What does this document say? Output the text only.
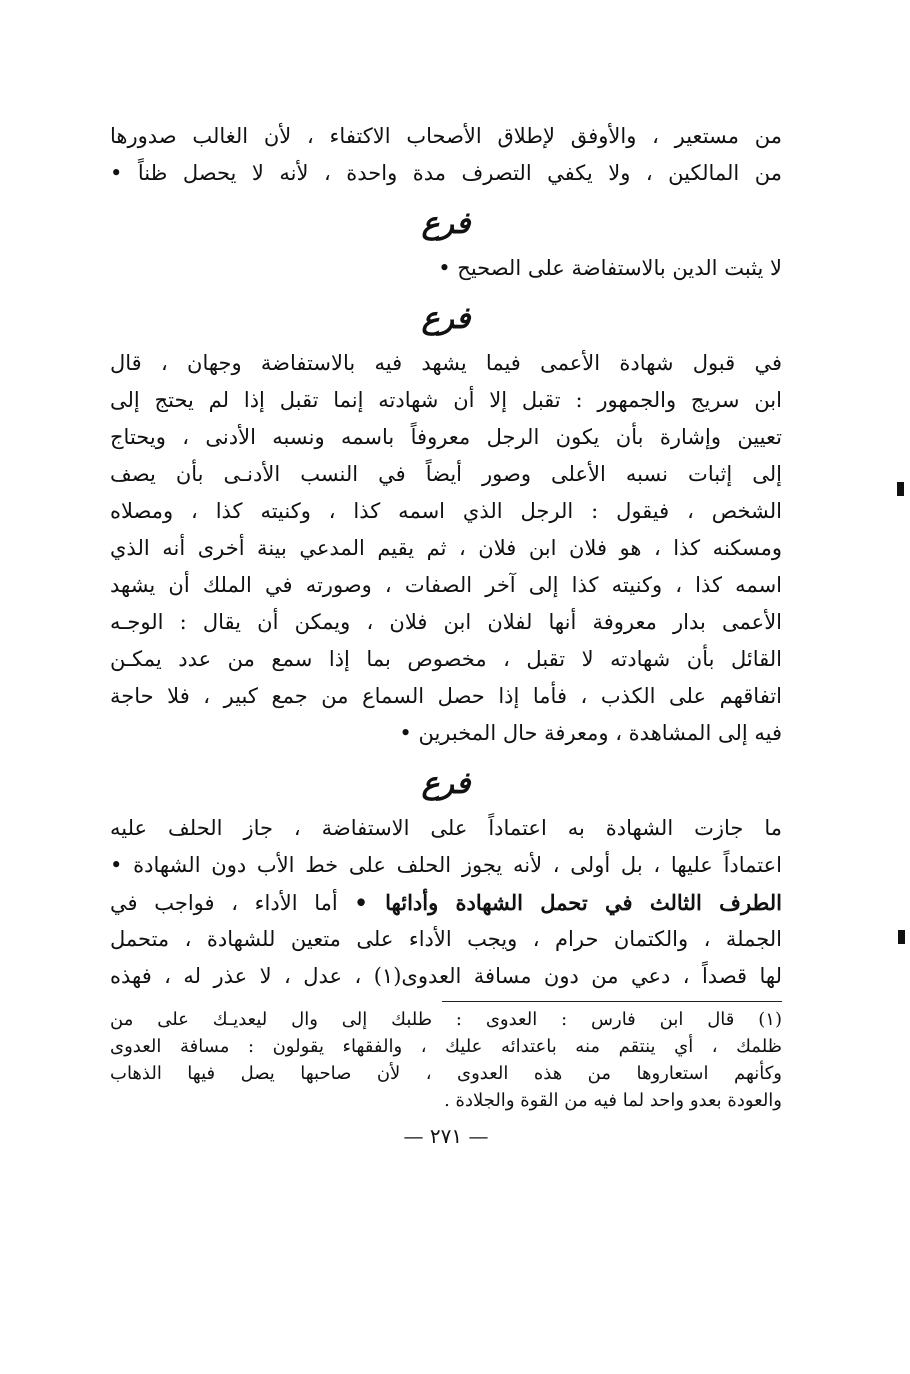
من مستعير ، والأوفق لإطلاق الأصحاب الاكتفاء ، لأن الغالب صدورها
من المالكين ، ولا يكفي التصرف مدة واحدة ، لأنه لا يحصل ظناً •
فرع
لا يثبت الدين بالاستفاضة على الصحيح •
فرع
في قبول شهادة الأعمى فيما يشهد فيه بالاستفاضة وجهان ، قال
ابن سريج والجمهور : تقبل إلا أن شهادته إنما تقبل إذا لم يحتج إلى
تعيين وإشارة بأن يكون الرجل معروفاً باسمه ونسبه الأدنى ، ويحتاج
إلى إثبات نسبه الأعلى وصور أيضاً في النسب الأدنـى بأن يصف
الشخص ، فيقول : الرجل الذي اسمه كذا ، وكنيته كذا ، ومصلاه
ومسكنه كذا ، هو فلان ابن فلان ، ثم يقيم المدعي بينة أخرى أنه الذي
اسمه كذا ، وكنيته كذا إلى آخر الصفات ، وصورته في الملك أن يشهد
الأعمى بدار معروفة أنها لفلان ابن فلان ، ويمكن أن يقال : الوجـه
القائل بأن شهادته لا تقبل ، مخصوص بما إذا سمع من عدد يمكـن
اتفاقهم على الكذب ، فأما إذا حصل السماع من جمع كبير ، فلا حاجة
فيه إلى المشاهدة ، ومعرفة حال المخبرين •
فرع
ما جازت الشهادة به اعتماداً على الاستفاضة ، جاز الحلف عليه
اعتماداً عليها ، بل أولى ، لأنه يجوز الحلف على خط الأب دون الشهادة •
الطرف الثالث في تحمل الشهادة وأدائها • أما الأداء ، فواجب في
الجملة ، والكتمان حرام ، ويجب الأداء على متعين للشهادة ، متحمل
لها قصداً ، دعي من دون مسافة العدوى(١) ، عدل ، لا عذر له ، فهذه
(١) قال ابن فارس : العدوى : طلبك إلى وال ليعديـك على من
ظلمك ، أي ينتقم منه باعتدائه عليك ، والفقهاء يقولون : مسافة العدوى
وكأنهم استعاروها من هذه العدوى ، لأن صاحبها يصل فيها الذهاب
والعودة بعدو واحد لما فيه من القوة والجلادة .
— ٢٧١ —
